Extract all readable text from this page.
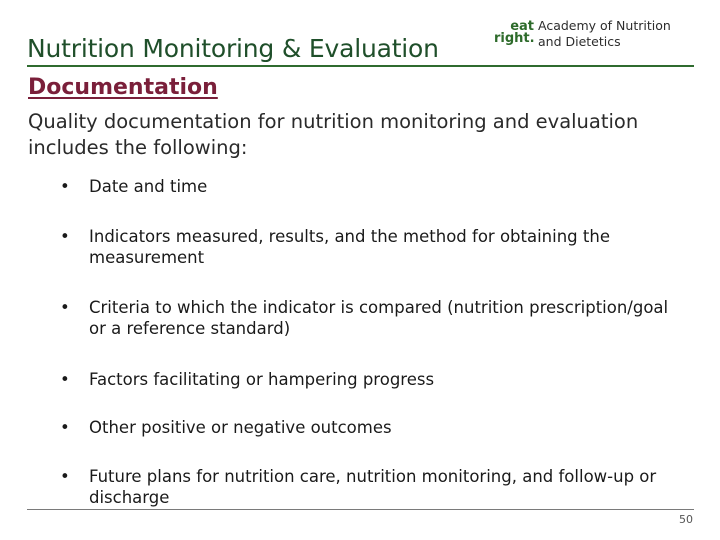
Nutrition Monitoring & Evaluation
eat
right.
Academy of Nutrition
and Dietetics
Documentation
Quality documentation for nutrition monitoring and evaluation includes the following:
• Date and time
• Indicators measured, results, and the method for obtaining the measurement
• Criteria to which the indicator is compared (nutrition prescription/goal or a reference standard)
• Factors facilitating or hampering progress
• Other positive or negative outcomes
• Future plans for nutrition care, nutrition monitoring, and follow-up or discharge
50
